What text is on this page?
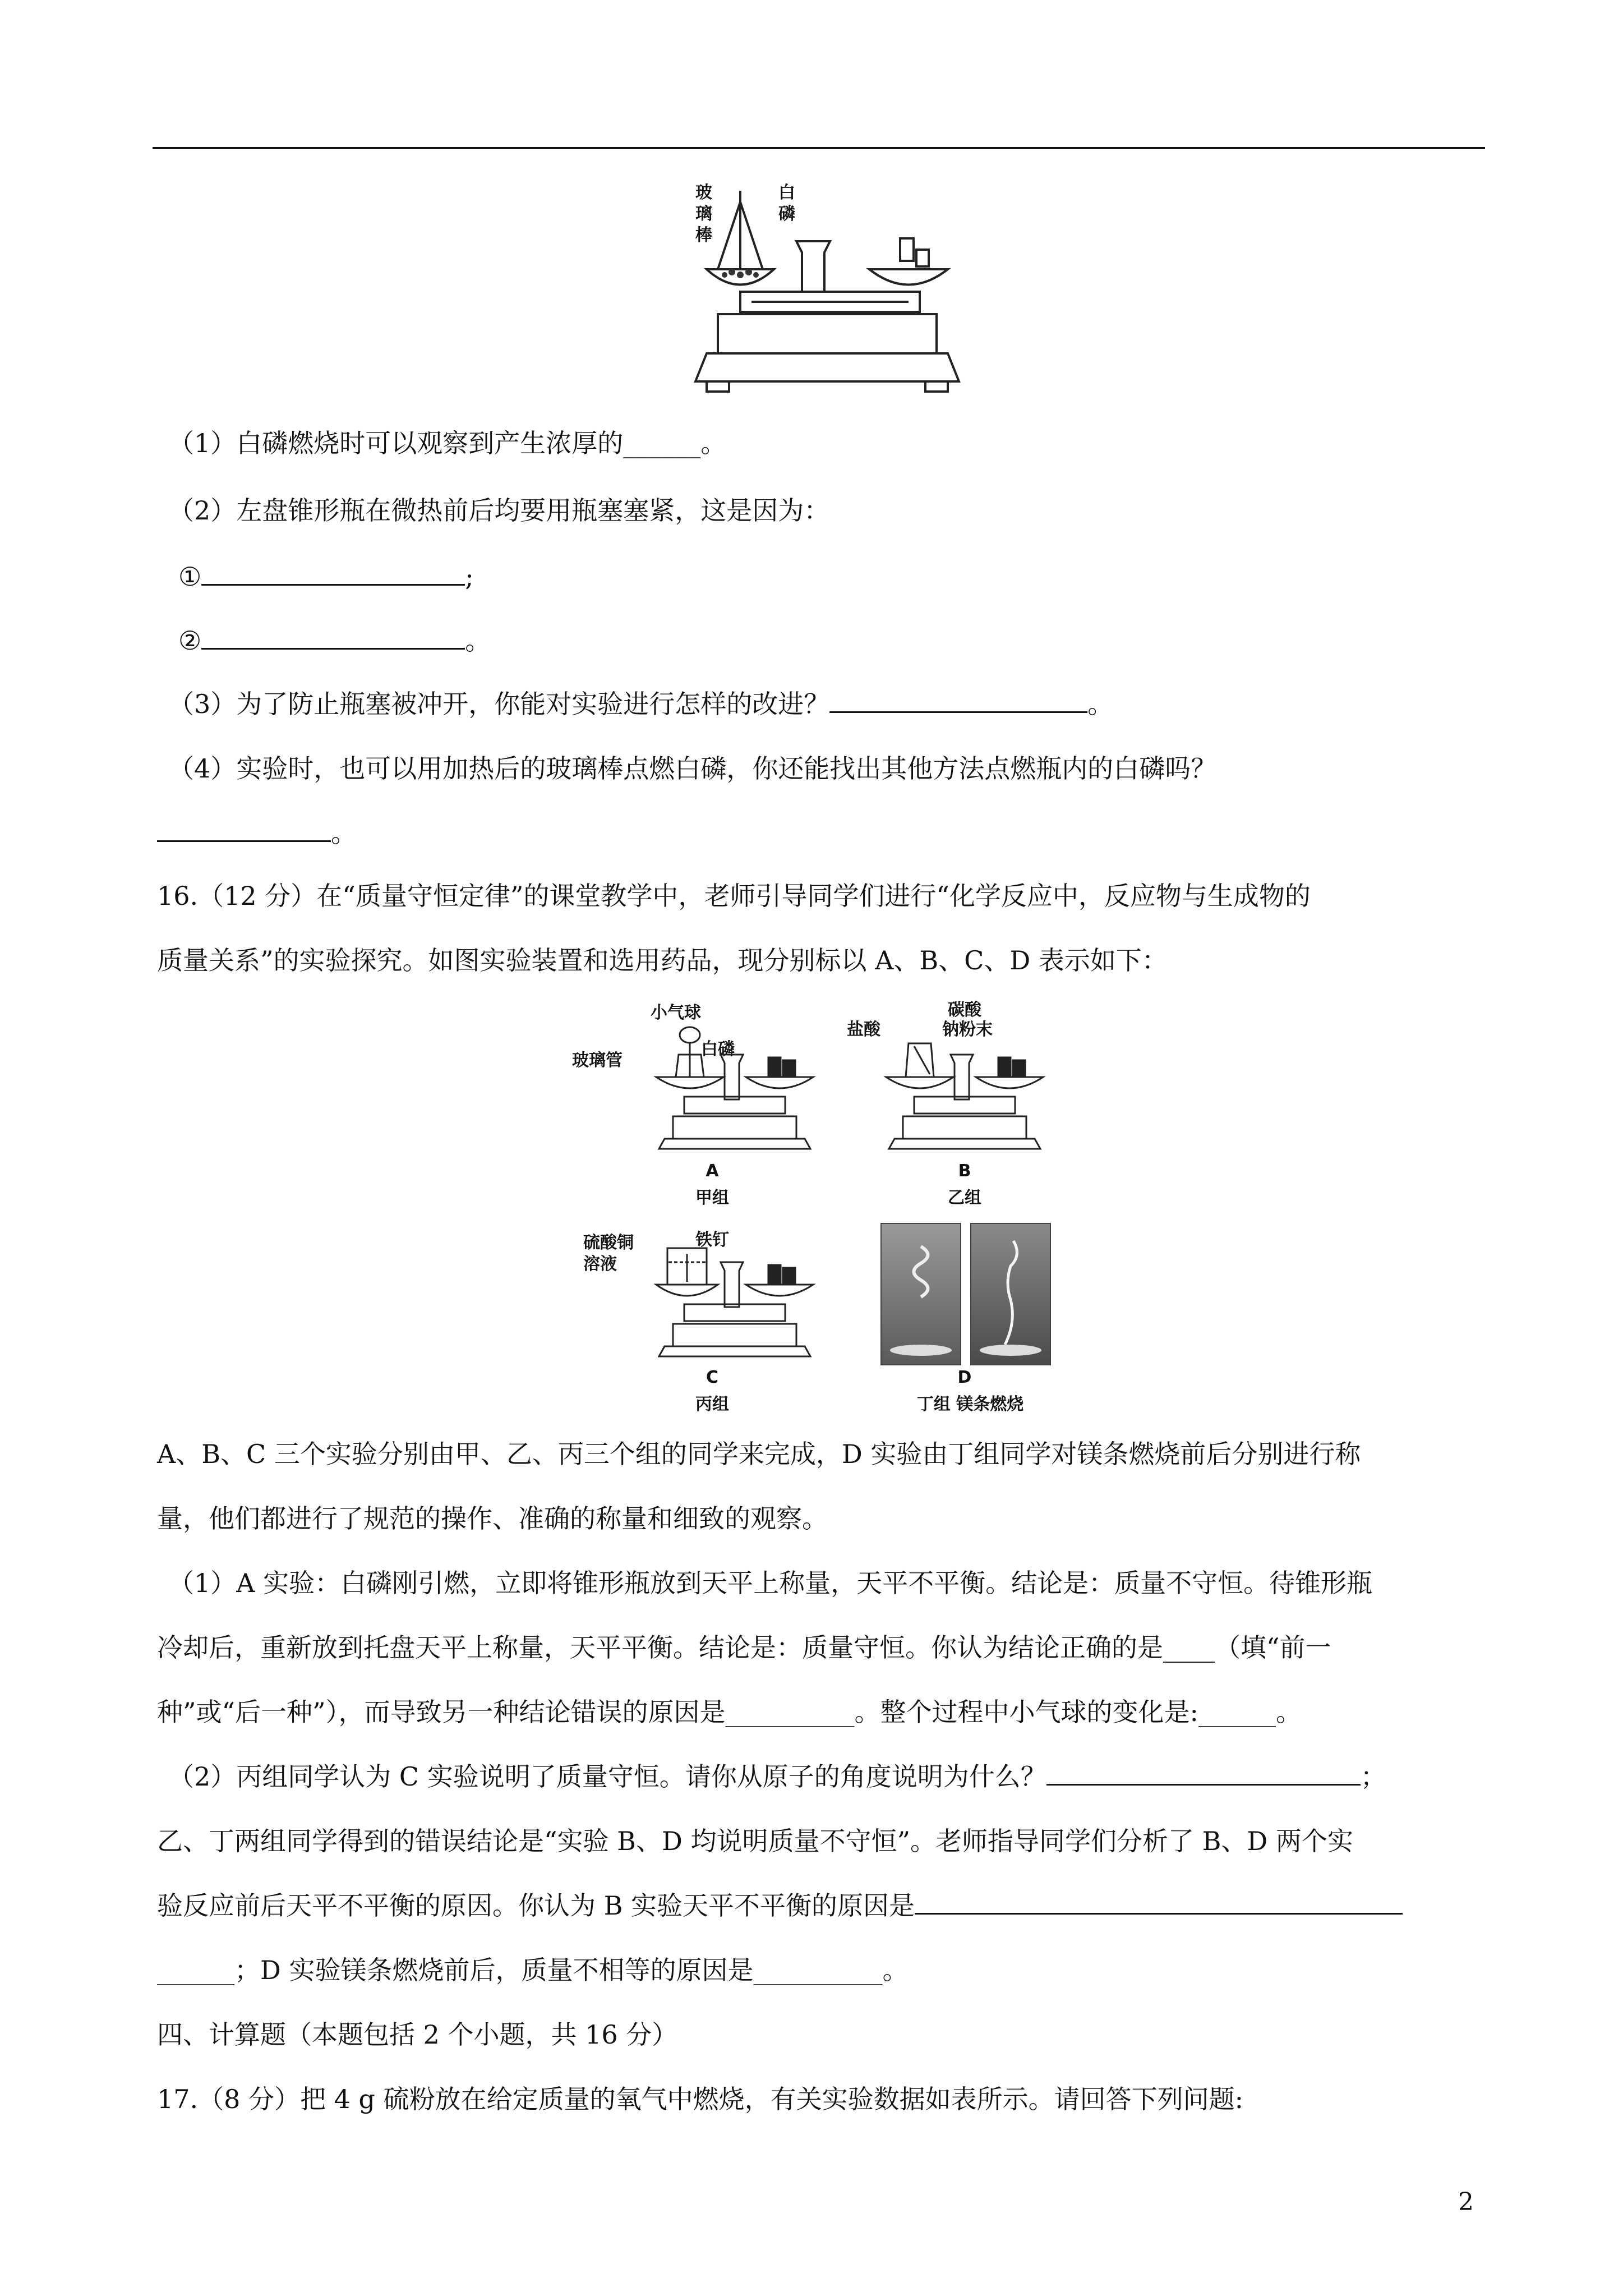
玻
璃
棒
白
磷
（1）白磷燃烧时可以观察到产生浓厚的______。
（2）左盘锥形瓶在微热前后均要用瓶塞塞紧，这是因为：
①	;
②	。
（3）为了防止瓶塞被冲开，你能对实验进行怎样的改进？	。
（4）实验时，也可以用加热后的玻璃棒点燃白磷，你还能找出其他方法点燃瓶内的白磷吗？
。
16.（12 分）在“质量守恒定律”的课堂教学中，老师引导同学们进行“化学反应中，反应物与生成物的
质量关系”的实验探究。如图实验装置和选用药品，现分别标以 A、B、C、D 表示如下：
小气球
玻璃管
白磷
A
甲组
盐酸
碳酸
钠粉末
B
乙组
硫酸铜
溶液
铁钉
C
丙组
D
丁组 镁条燃烧
A、B、C 三个实验分别由甲、乙、丙三个组的同学来完成，D 实验由丁组同学对镁条燃烧前后分别进行称
量，他们都进行了规范的操作、准确的称量和细致的观察。
（1）A 实验：白磷刚引燃，立即将锥形瓶放到天平上称量，天平不平衡。结论是：质量不守恒。待锥形瓶
冷却后，重新放到托盘天平上称量，天平平衡。结论是：质量守恒。你认为结论正确的是____（填“前一
种”或“后一种”），而导致另一种结论错误的原因是__________。整个过程中小气球的变化是:______。
（2）丙组同学认为 C 实验说明了质量守恒。请你从原子的角度说明为什么？	；
乙、丁两组同学得到的错误结论是“实验 B、D 均说明质量不守恒”。老师指导同学们分析了 B、D 两个实
验反应前后天平不平衡的原因。你认为 B 实验天平不平衡的原因是
______；D 实验镁条燃烧前后，质量不相等的原因是__________。
四、计算题（本题包括 2 个小题，共 16 分）
17.（8 分）把 4 g 硫粉放在给定质量的氧气中燃烧，有关实验数据如表所示。请回答下列问题:
2
